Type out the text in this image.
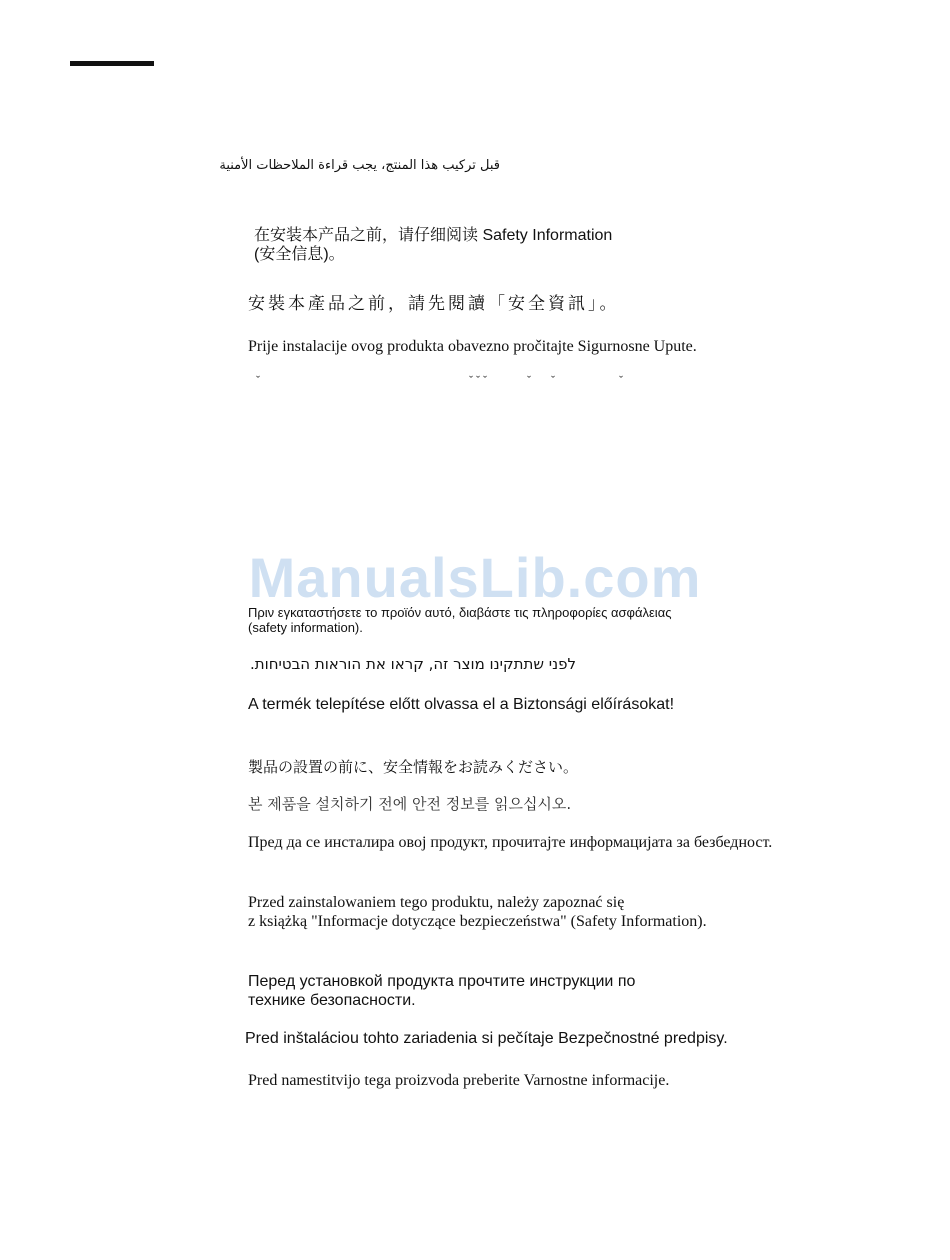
قبل تركيب هذا المنتج، يجب قراءة الملاحظات الأمنية
在安装本产品之前，请仔细阅读 Safety Information
(安全信息)。
安裝本產品之前，請先閱讀「安全資訊」。
Prije instalacije ovog produkta obavezno pročitajte Sigurnosne Upute.
ˇ	ˇ ˇ ˇ	ˇ ˇ	ˇ
ManualsLib.com
Πριν εγκαταστήσετε το προϊόν αυτό, διαβάστε τις πληροφορίες ασφάλειας
(safety information).
לפני שתתקינו מוצר זה, קראו את הוראות הבטיחות.
A termék telepítése előtt olvassa el a Biztonsági előírásokat!
製品の設置の前に、安全情報をお読みください。
본 제품을 설치하기 전에 안전 정보를 읽으십시오.
Пред да се инсталира овој продукт, прочитајте информацијата за безбедност.
Przed zainstalowaniem tego produktu, należy zapoznać się
z książką "Informacje dotyczące bezpieczeństwa" (Safety Information).
Перед установкой продукта прочтите инструкции по
технике безопасности.
Pred inštaláciou tohto zariadenia si pečítaje Bezpečnostné predpisy.
Pred namestitvijo tega proizvoda preberite Varnostne informacije.
